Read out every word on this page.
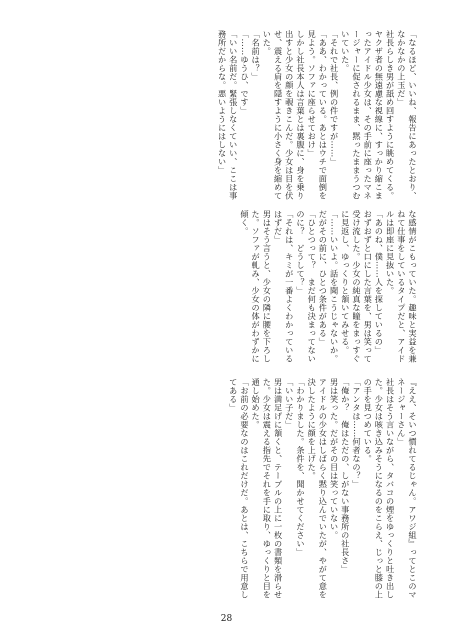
「なるほど、いいね、報告にあったとおり、なかなかの上玉だ」
社長らしき男が舐め回すように眺めてくる。ヤクザ者の無遠慮な視線に、すっかり縮こまったアイドル少女は、その手前に座ったマネージャーに促されるまま、黙ったままうつむいていた。
「それで社長、例の件ですが……」
「ああ、わかっている。あとはウチで面倒を見よう。ソファに座らせておけ」
しかし社長本人は言葉とは裏腹に、身を乗り出すと少女の顔を覗きこんだ。少女は目を伏せ、震える肩を隠すように小さく身を縮めていた。
「名前は？」
「……ゆうひ、です」
「いい名前だ。緊張しなくていい、ここは事務所だからな。悪いようにはしない」
な感情がこもっていた。趣味と実益を兼ねて仕事をしているタイプだと、アイドルは即座に見抜いた。
「あのね、僕……人を探しているの」
おずおずと口にした言葉を、男は笑って受け流した。少女の純真な瞳をまっすぐに見返し、ゆっくりと頷いてみせる。
「……いいよ。話を聞こうじゃないか。だがその前に、ひとつ条件がある」
「ひとつって？　まだ何も決まってないのに？　どうして？」
「それは、キミが一番よくわかっているはずだ」
男はそう言うと、少女の隣に腰を下ろした。ソファが軋み、少女の体がわずかに傾く。
『ええ、そいつ慣れてるじゃん。アワジ組』ってとこのマネージャーさん」
社長はそう言いながら、タバコの煙をゆっくりと吐き出した。少女は咳き込みそうになるのをこらえ、じっと膝の上の手を見つめている。
「アンタは……何者なの？」
「俺か？　俺はただの、しがない事務所の社長さ」
男は笑った。だがその目は笑っていない。
アイドルの少女はしばらく黙り込んでいたが、やがて意を決したように顔を上げた。
「わかりました。条件を、聞かせてください」
「いい子だ」
男は満足げに頷くと、テーブルの上に一枚の書類を滑らせた。少女は震える指先でそれを手に取り、ゆっくりと目を通し始めた。
「お前の必要なのはこれだけだ。あとは、こちらで用意してある」
28
